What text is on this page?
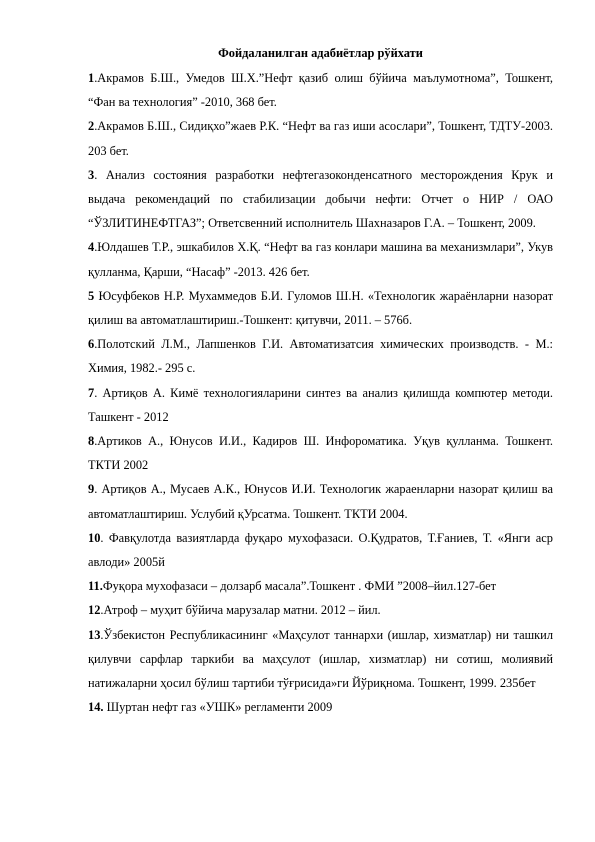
Фойдаланилган адабиётлар рўйхати
1.Акрамов Б.Ш., Умедов Ш.Х.”Нефт қазиб олиш бўйича маълумотнома”, Тошкент, “Фан ва технология” -2010, 368 бет.
2.Акрамов Б.Ш., Сидиқхо”жаев Р.К. “Нефт ва газ иши асослари”, Тошкент, ТДТУ-2003. 203 бет.
3. Анализ состояния разработки нефтегазоконденсатного месторождения Крук и выдача рекомендаций по стабилизации добычи нефти: Отчет о НИР / ОАО “ЎЗЛИТИНЕФТГАЗ”; Ответсвенний исполнитель Шахназаров Г.А. – Тошкент, 2009.
4.Юлдашев Т.Р., эшкабилов Х.Қ. “Нефт ва газ конлари машина ва механизмлари”, Укув қулланма, Қарши, “Насаф” -2013. 426 бет.
5 Юсуфбеков Н.Р. Мухаммедов Б.И. Гуломов Ш.Н. «Технологик жараёнларни назорат қилиш ва автоматлаштириш.-Тошкент: қитувчи, 2011. – 576б.
6.Полотский Л.М., Лапшенков Г.И. Автоматизатсия химических производств. - М.: Химия, 1982.- 295 с.
7. Артиқов А. Кимё технологияларини синтез ва анализ қилишда компютер методи. Ташкент - 2012
8.Артиков А., Юнусов И.И., Кадиров Ш. Инфороматика. Уқув қулланма. Тошкент. ТКТИ 2002
9. Артиқов А., Мусаев А.К., Юнусов И.И. Технологик жараенларни назорат қилиш ва автоматлаштириш. Услубий қУрсатма. Тошкент. ТКТИ 2004.
10. Фавқулотда вазиятларда фуқаро мухофазаси. О.Қудратов, Т.Ғаниев, Т. «Янги аср авлоди» 2005й
11.Фуқора мухофазаси – долзарб масала”.Тошкент . ФМИ ”2008–йил.127-бет
12.Атроф – муҳит бўйича марузалар матни. 2012 – йил.
13.Ўзбекистон Республикасининг «Маҳсулот таннархи (ишлар, хизматлар) ни ташкил қилувчи сарфлар таркиби ва маҳсулот (ишлар, хизматлар) ни сотиш, молиявий натижаларни ҳосил бўлиш тартиби тўғрисида»ги Йўриқнома. Тошкент, 1999. 235бет
14. Шуртан нефт газ «УШК» регламенти 2009
